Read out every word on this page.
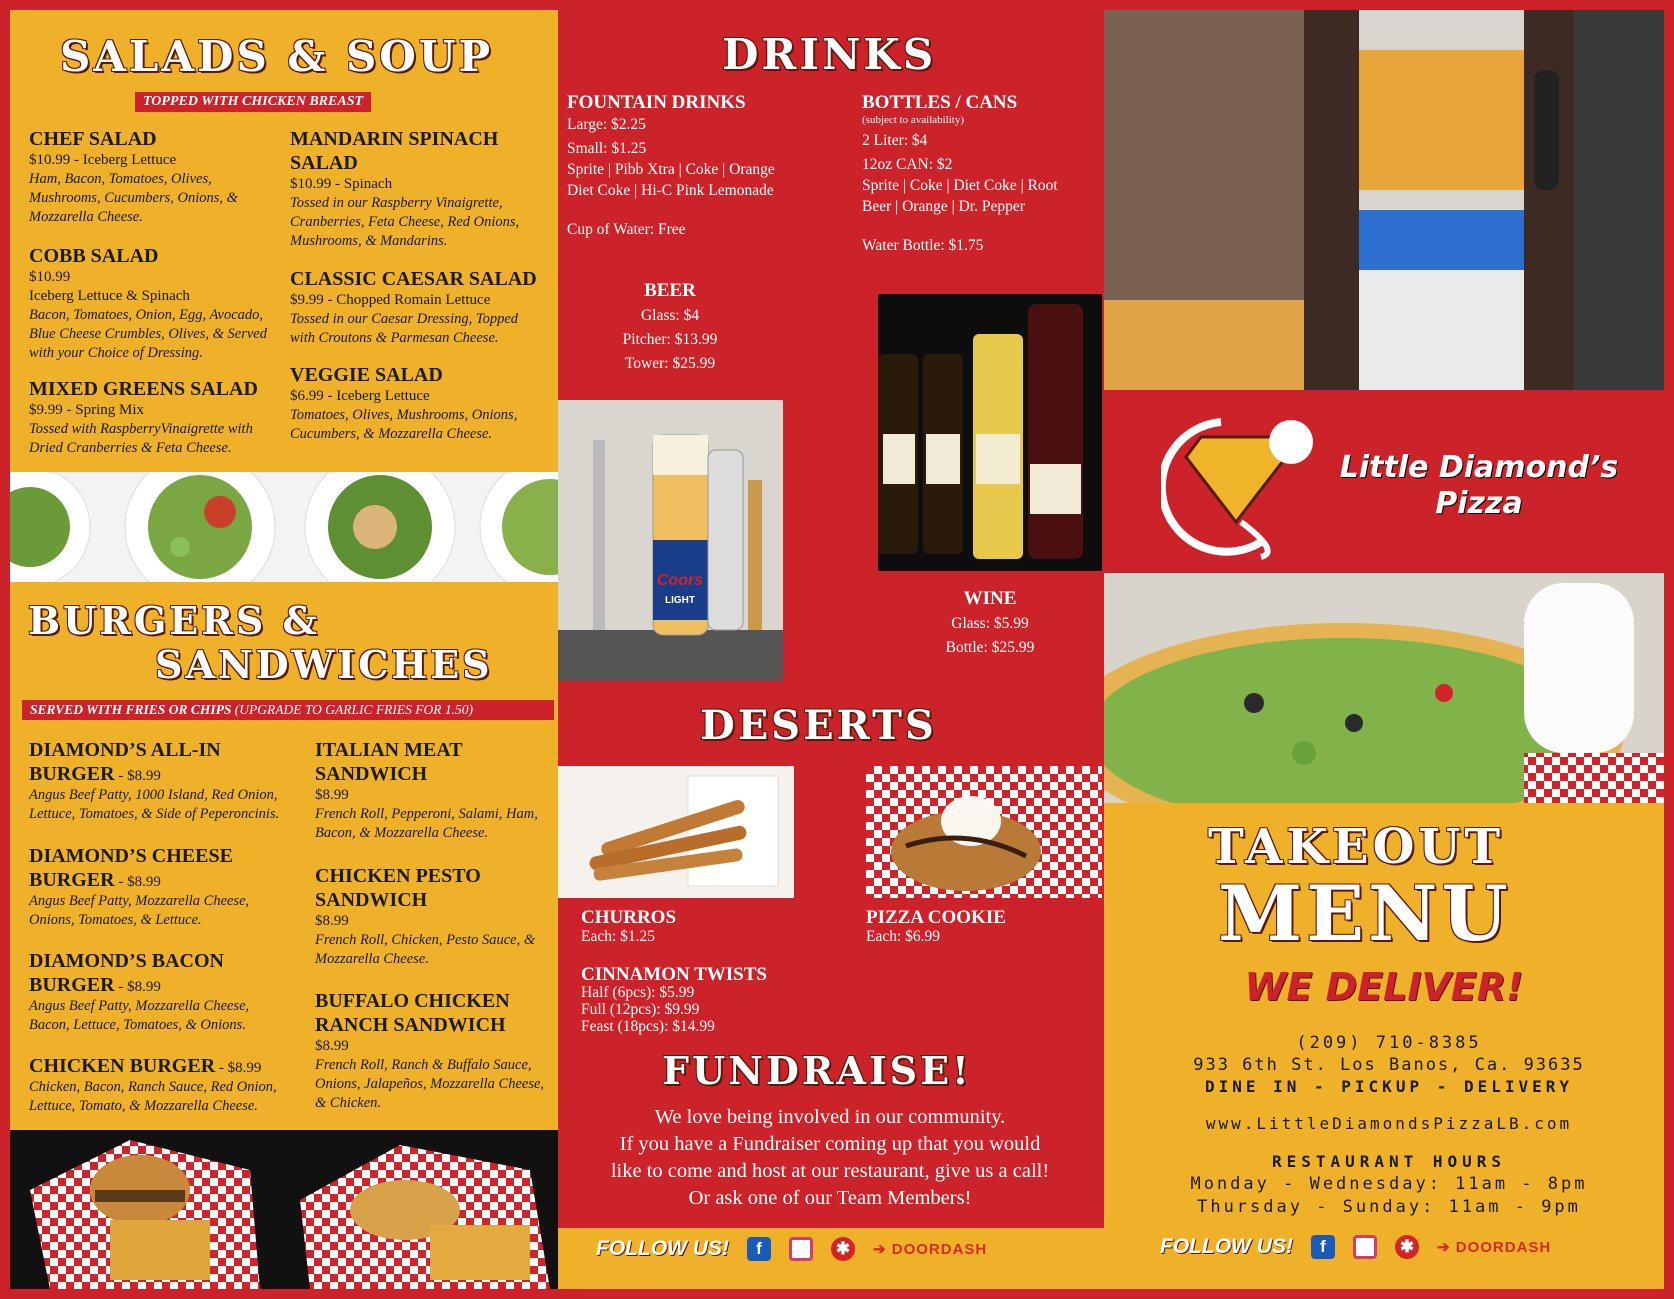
SALADS & SOUP
TOPPED WITH CHICKEN BREAST
CHEF SALAD
$10.99 - Iceberg Lettuce
Ham, Bacon, Tomatoes, Olives, Mushrooms, Cucumbers, Onions, & Mozzarella Cheese.
COBB SALAD
$10.99
Iceberg Lettuce & Spinach
Bacon, Tomatoes, Onion, Egg, Avocado, Blue Cheese Crumbles, Olives, & Served with your Choice of Dressing.
MIXED GREENS SALAD
$9.99 - Spring Mix
Tossed with RaspberryVinaigrette with Dried Cranberries & Feta Cheese.
MANDARIN SPINACH SALAD
$10.99 - Spinach
Tossed in our Raspberry Vinaigrette, Cranberries, Feta Cheese, Red Onions, Mushrooms, & Mandarins.
CLASSIC CAESAR SALAD
$9.99 - Chopped Romain Lettuce
Tossed in our Caesar Dressing, Topped with Croutons & Parmesan Cheese.
VEGGIE SALAD
$6.99 - Iceberg Lettuce
Tomatoes, Olives, Mushrooms, Onions, Cucumbers, & Mozzarella Cheese.
BURGERS &
SANDWICHES
SERVED WITH FRIES OR CHIPS (UPGRADE TO GARLIC FRIES FOR 1.50)
DIAMOND’S ALL-IN
BURGER - $8.99
Angus Beef Patty, 1000 Island, Red Onion, Lettuce, Tomatoes, & Side of Peperoncinis.
DIAMOND’S CHEESE
BURGER - $8.99
Angus Beef Patty, Mozzarella Cheese, Onions, Tomatoes, & Lettuce.
DIAMOND’S BACON
BURGER - $8.99
Angus Beef Patty, Mozzarella Cheese, Bacon, Lettuce, Tomatoes, & Onions.
CHICKEN BURGER - $8.99
Chicken, Bacon, Ranch Sauce, Red Onion, Lettuce, Tomato, & Mozzarella Cheese.
ITALIAN MEAT
SANDWICH
$8.99
French Roll, Pepperoni, Salami, Ham, Bacon, & Mozzarella Cheese.
CHICKEN PESTO
SANDWICH
$8.99
French Roll, Chicken, Pesto Sauce, & Mozzarella Cheese.
BUFFALO CHICKEN
RANCH SANDWICH
$8.99
French Roll, Ranch & Buffalo Sauce, Onions, Jalapeños, Mozzarella Cheese, & Chicken.
DRINKS
FOUNTAIN DRINKS
Large: $2.25
Small: $1.25
Sprite | Pibb Xtra | Coke | Orange
Diet Coke | Hi-C Pink Lemonade
Cup of Water: Free
BOTTLES / CANS
(subject to availability)
2 Liter: $4
12oz CAN: $2
Sprite | Coke | Diet Coke | Root
Beer | Orange | Dr. Pepper
Water Bottle: $1.75
BEER
Glass: $4
Pitcher: $13.99
Tower: $25.99
Coors
LIGHT	WINE
Glass: $5.99
Bottle: $25.99
DESERTS
CHURROS
Each: $1.25
PIZZA COOKIE
Each: $6.99
CINNAMON TWISTS
Half (6pcs): $5.99
Full (12pcs): $9.99
Feast (18pcs): $14.99
FUNDRAISE!
We love being involved in our community.
If you have a Fundraiser coming up that you would
like to come and host at our restaurant, give us a call!
Or ask one of our Team Members!
FOLLOW US!	f	✱	➔ DOORDASH
Little Diamond’s
Pizza
TAKEOUT
MENU
WE DELIVER!
(209) 710-8385
933 6th St. Los Banos, Ca. 93635
DINE IN - PICKUP - DELIVERY
www.LittleDiamondsPizzaLB.com
RESTAURANT HOURS
Monday - Wednesday: 11am - 8pm
Thursday - Sunday: 11am - 9pm
FOLLOW US!	f	✱	➔ DOORDASH
